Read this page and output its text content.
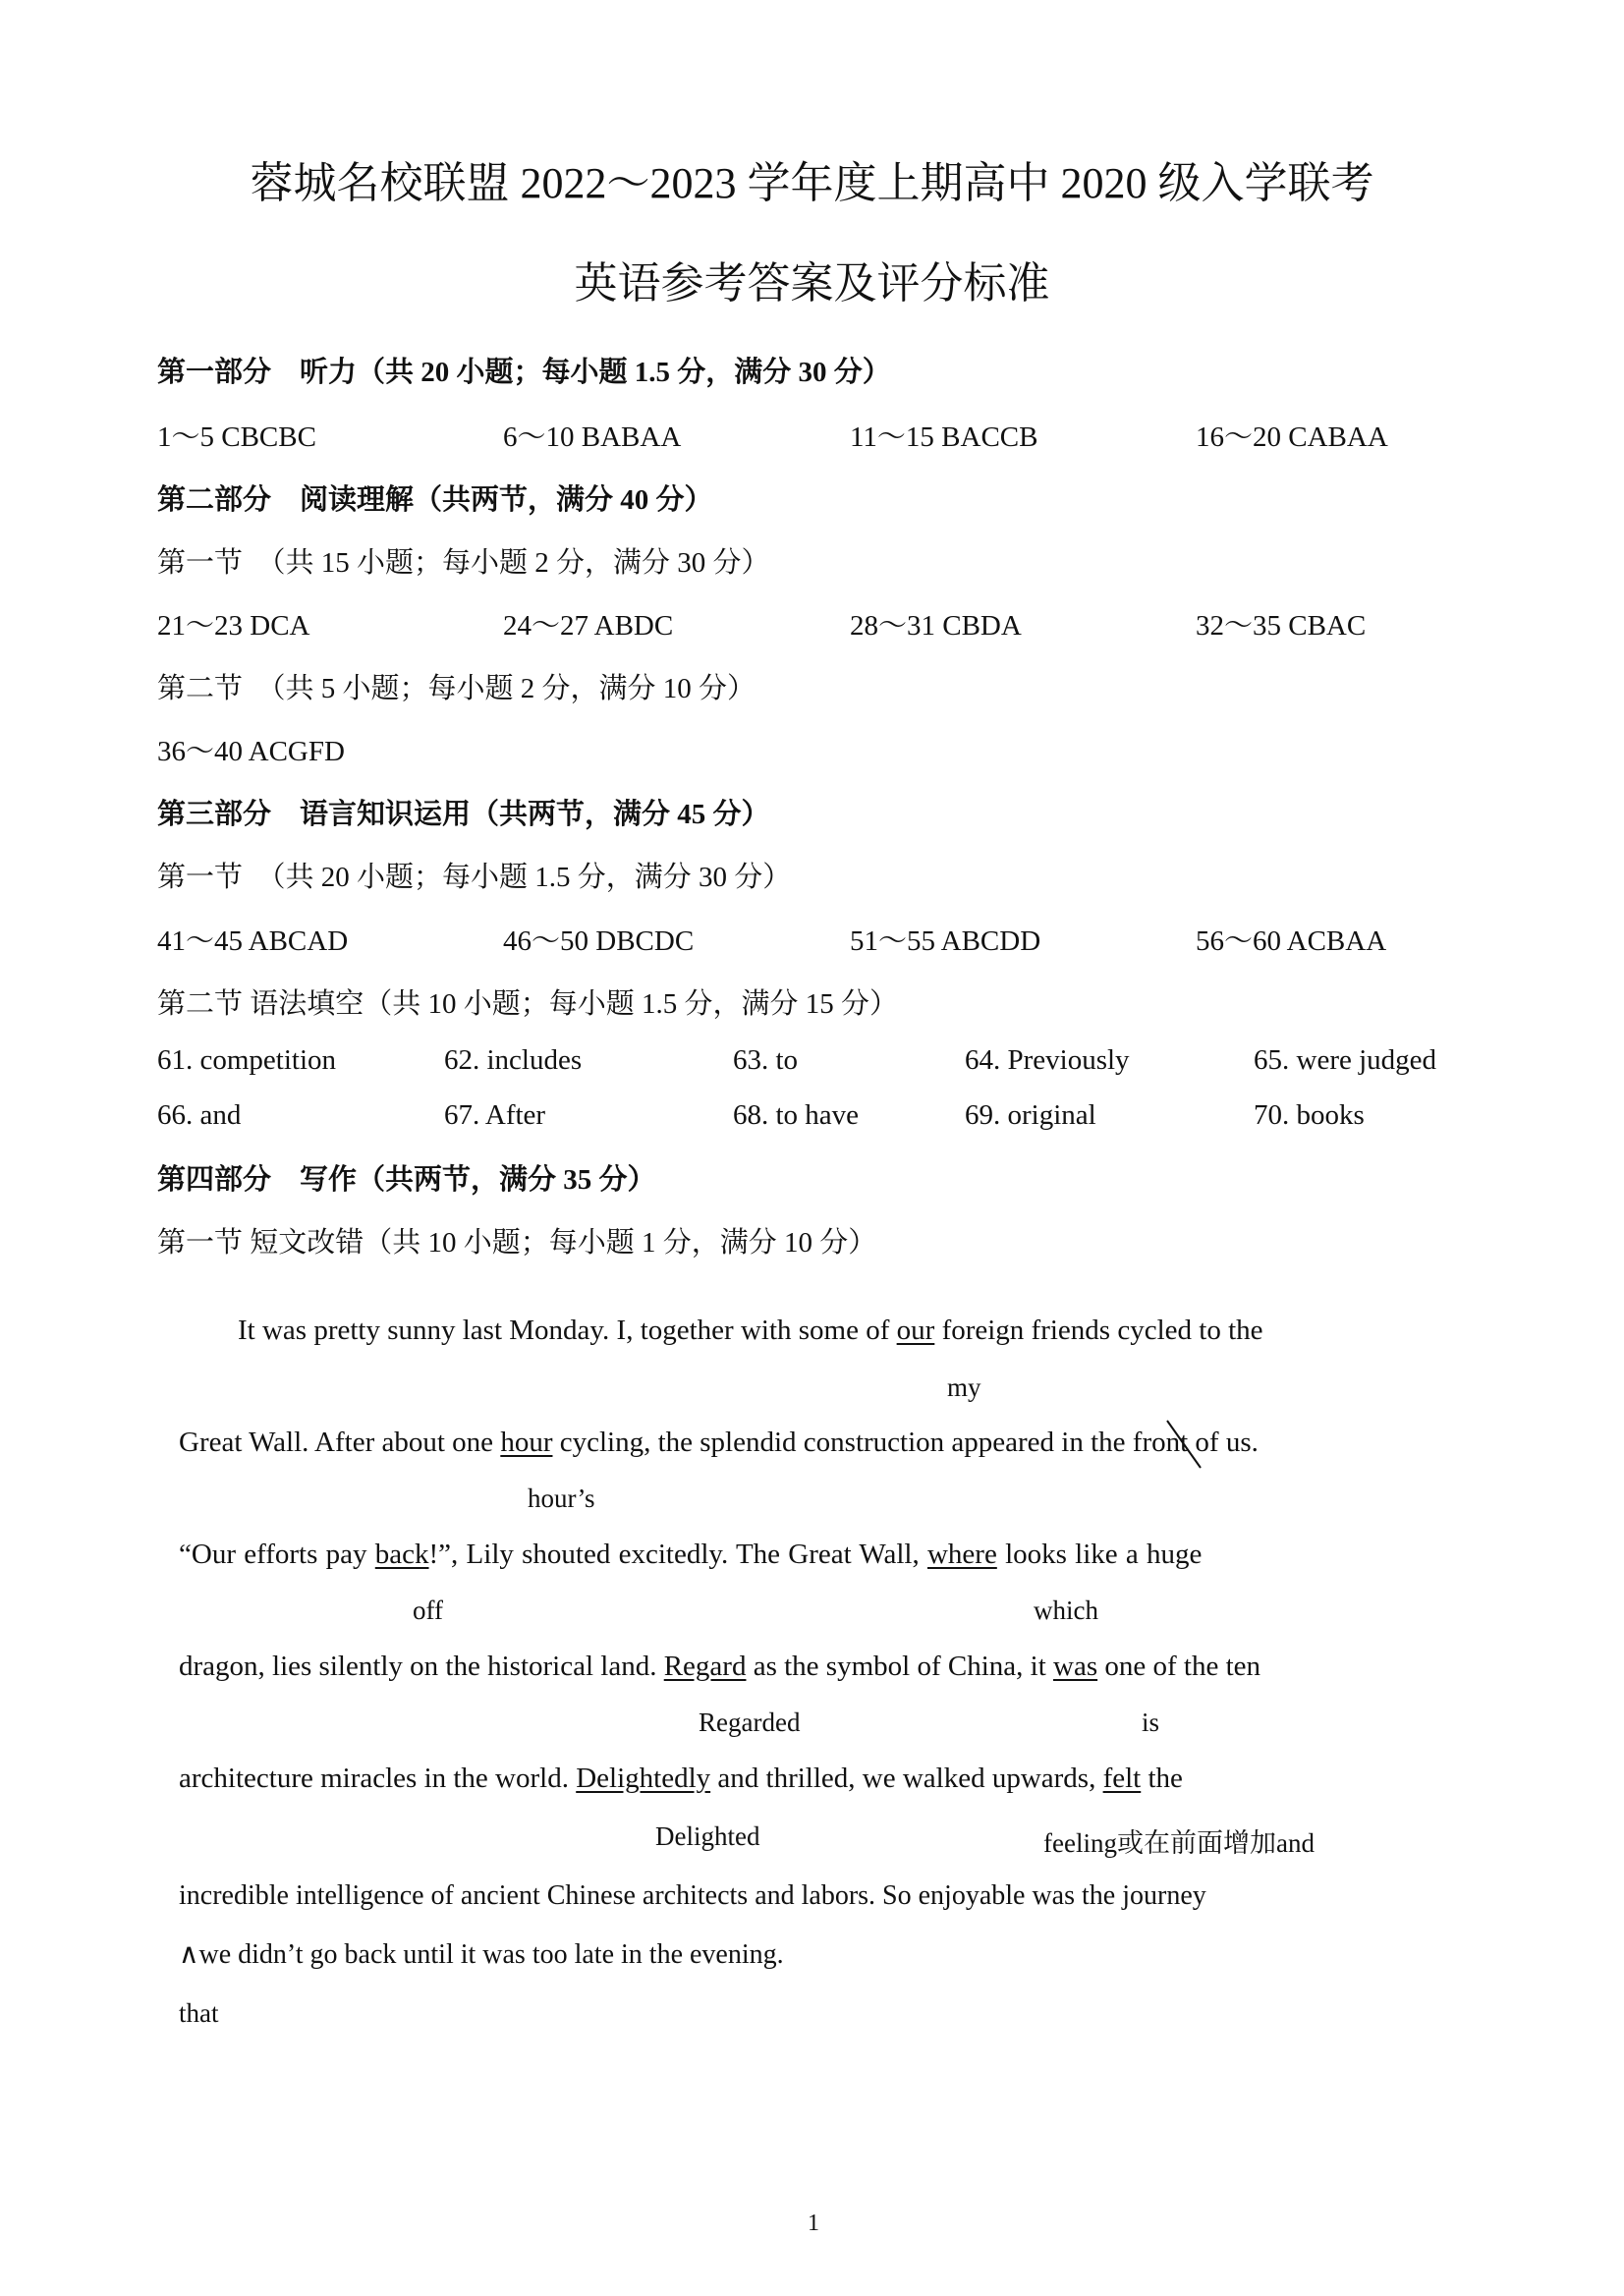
蓉城名校联盟 2022～2023 学年度上期高中 2020 级入学联考
英语参考答案及评分标准
第一部分　听力（共 20 小题；每小题 1.5 分，满分 30 分）
1～5 CBCBC	6～10 BABAA	11～15 BACCB	16～20 CABAA
第二部分　阅读理解（共两节，满分 40 分）
第一节　（共 15 小题；每小题 2 分，满分 30 分）
21～23 DCA	24～27 ABDC	28～31 CBDA	32～35 CBAC
第二节　（共 5 小题；每小题 2 分，满分 10 分）
36～40 ACGFD
第三部分　语言知识运用（共两节，满分 45 分）
第一节　（共 20 小题；每小题 1.5 分，满分 30 分）
41～45 ABCAD	46～50 DBCDC	51～55 ABCDD	56～60 ACBAA
第二节 语法填空（共 10 小题；每小题 1.5 分，满分 15 分）
61. competition	62. includes	63. to	64. Previously	65. were judged
66. and	67. After	68. to have	69. original	70. books
第四部分　写作（共两节，满分 35 分）
第一节 短文改错（共 10 小题；每小题 1 分，满分 10 分）
It was pretty sunny last Monday. I, together with some of our foreign friends cycled to the
my
Great Wall. After about one hour cycling, the splendid construction appeared in the front of us.
hour’s
“Our efforts pay back!”, Lily shouted excitedly. The Great Wall, where looks like a huge
off	which
dragon, lies silently on the historical land. Regard as the symbol of China, it was one of the ten
Regarded	is
architecture miracles in the world. Delightedly and thrilled, we walked upwards, felt the
Delighted	feeling或在前面增加and
incredible intelligence of ancient Chinese architects and labors. So enjoyable was the journey
∧we didn’t go back until it was too late in the evening.
that
1
